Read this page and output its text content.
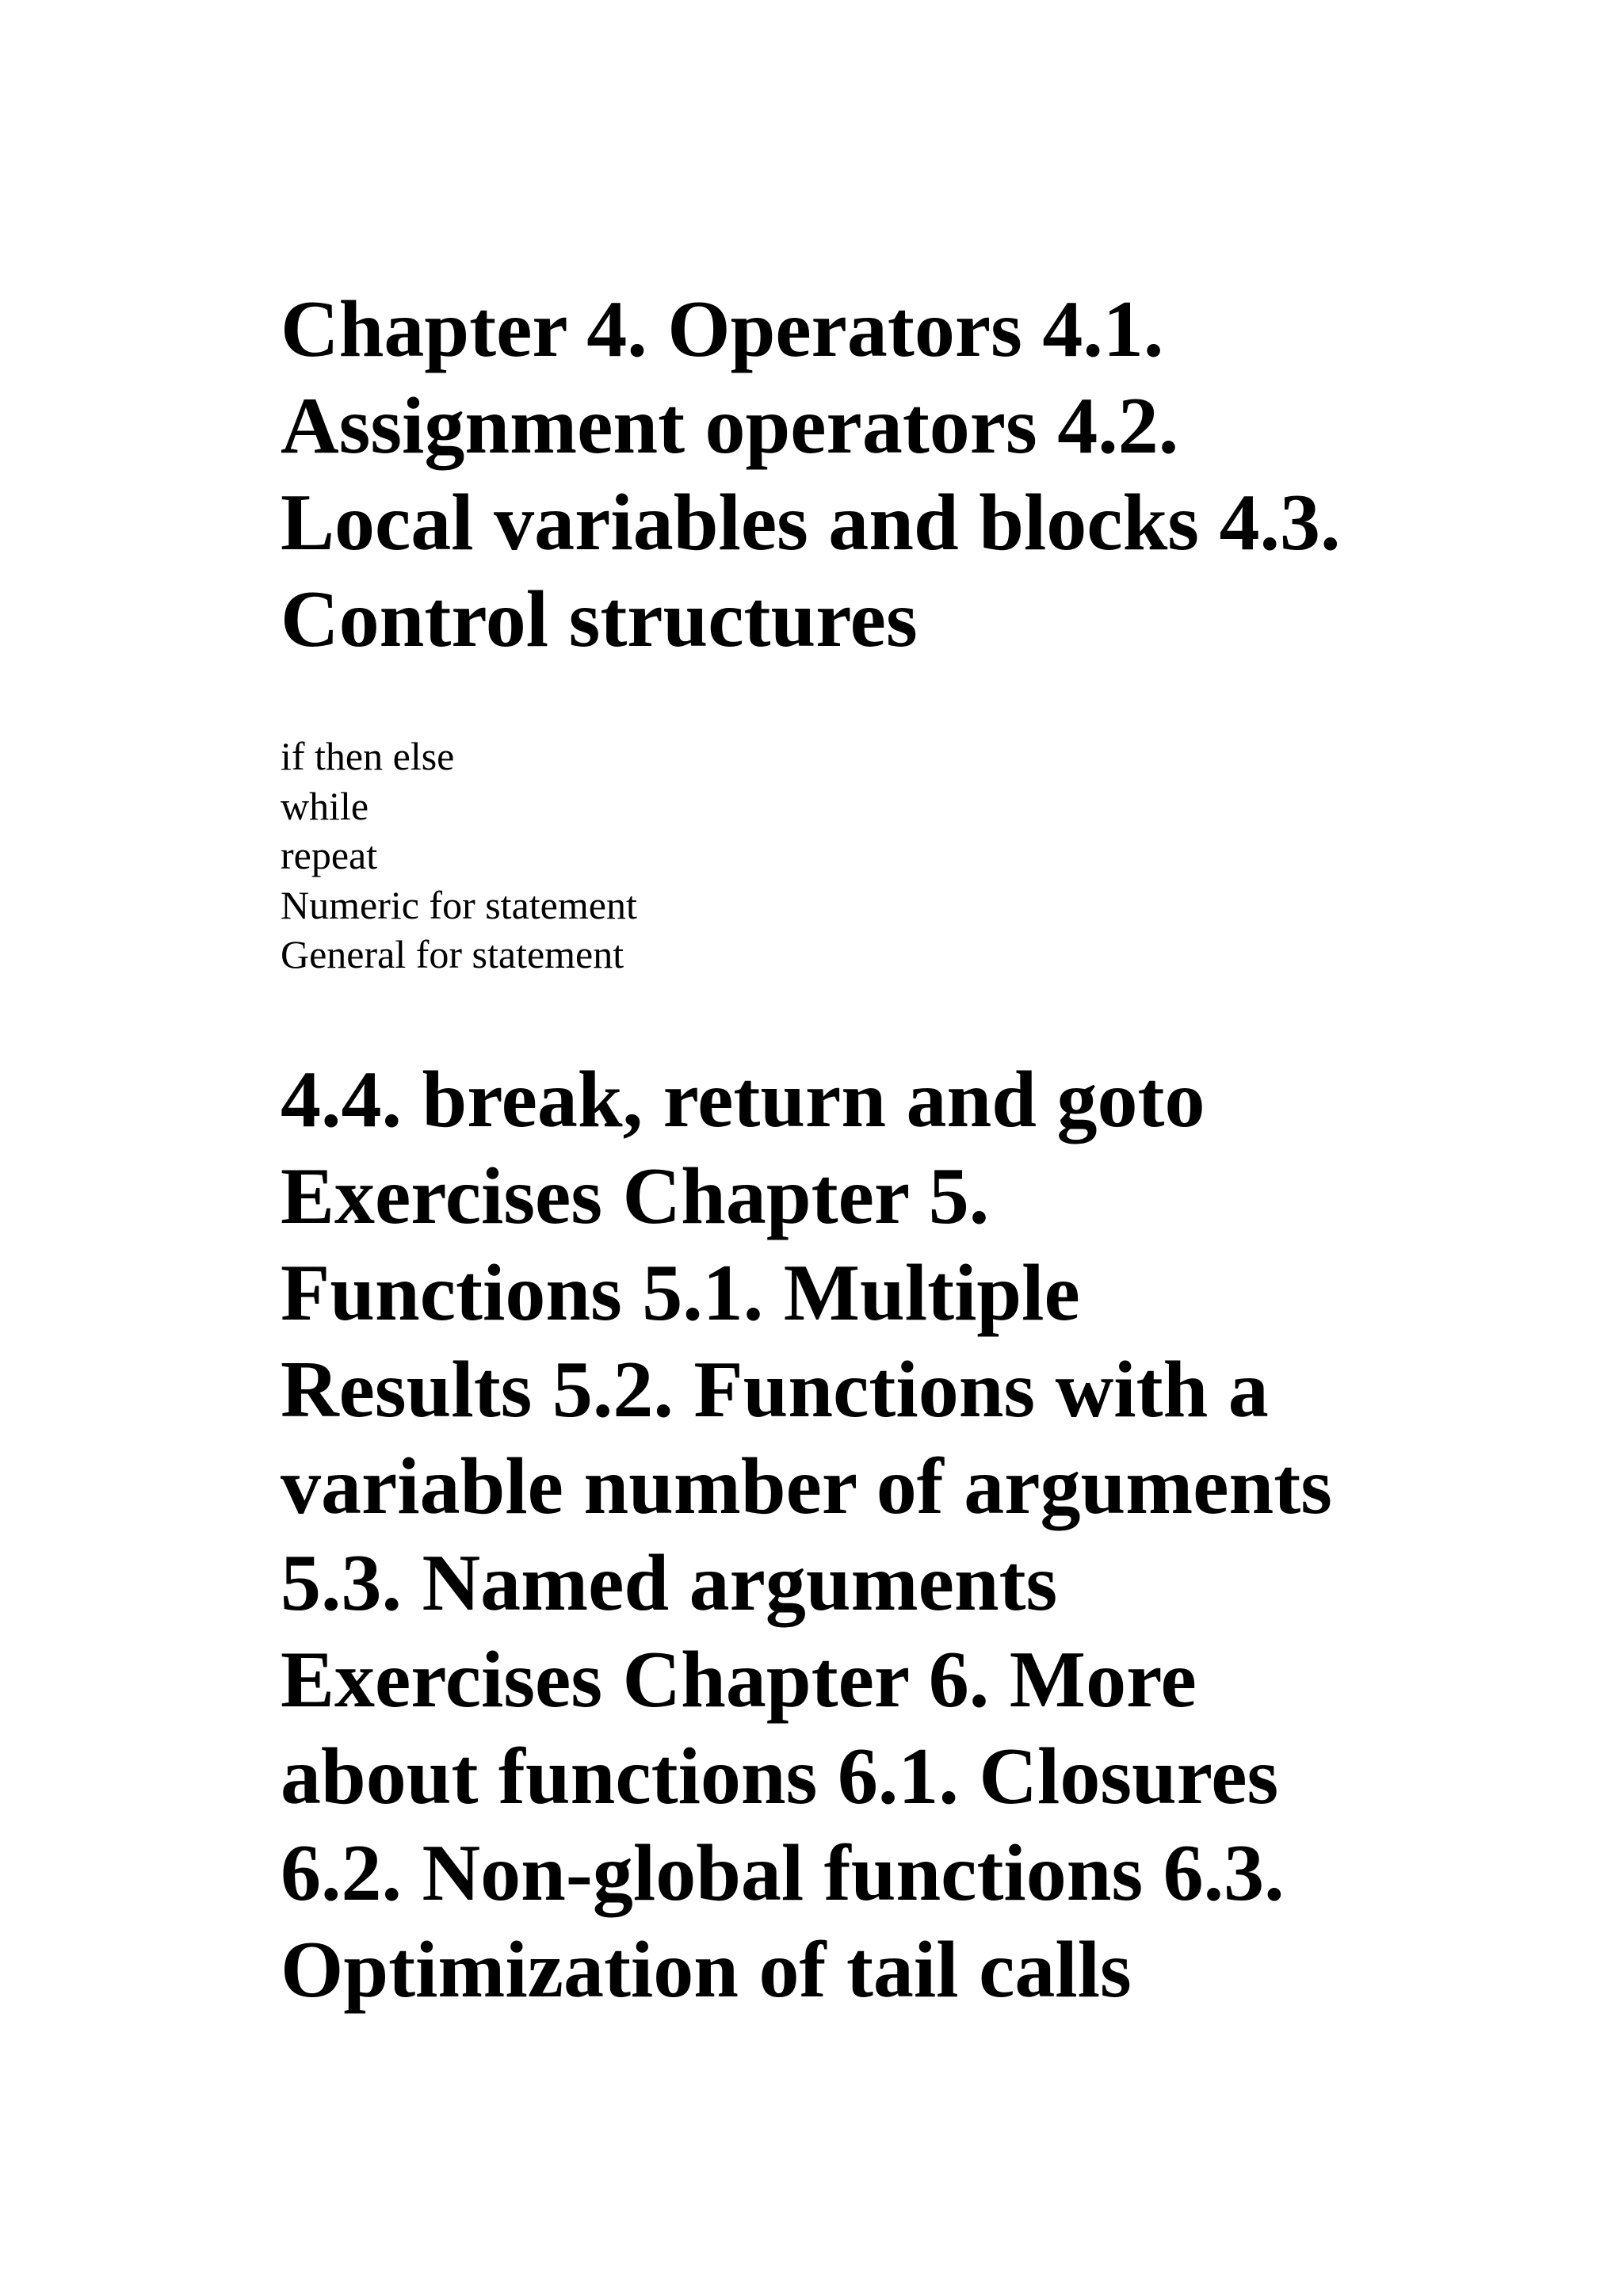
Chapter 4. Operators 4.1.
Assignment operators 4.2.
Local variables and blocks 4.3.
Control structures
if then else
while
repeat
Numeric for statement
General for statement
4.4. break, return and goto
Exercises Chapter 5.
Functions 5.1. Multiple
Results 5.2. Functions with a
variable number of arguments
5.3. Named arguments
Exercises Chapter 6. More
about functions 6.1. Closures
6.2. Non-global functions 6.3.
Optimization of tail calls
